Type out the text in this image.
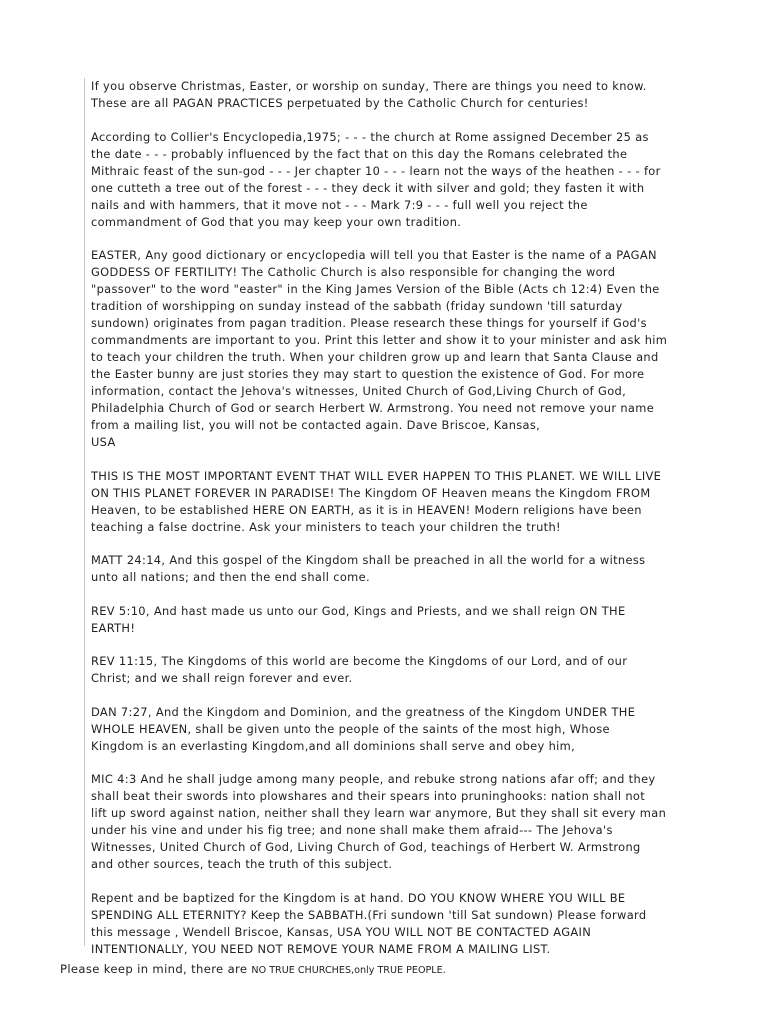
If you observe Christmas, Easter, or worship on sunday, There are things you need to know.
These are all PAGAN PRACTICES perpetuated by the Catholic Church for centuries!

According to Collier's Encyclopedia,1975; - - - the church at Rome assigned December 25 as
the date - - - probably influenced by the fact that on this day the Romans celebrated the
Mithraic feast of the sun-god - - - Jer chapter 10 - - - learn not the ways of the heathen - - - for
one cutteth a tree out of the forest - - - they deck it with silver and gold; they fasten it with
nails and with hammers, that it move not - - - Mark 7:9 - - - full well you reject the
commandment of God that you may keep your own tradition.

EASTER, Any good dictionary or encyclopedia will tell you that Easter is the name of a PAGAN
GODDESS OF FERTILITY! The Catholic Church is also responsible for changing the word
"passover" to the word "easter" in the King James Version of the Bible (Acts ch 12:4) Even the
tradition of worshipping on sunday instead of the sabbath (friday sundown 'till saturday
sundown) originates from pagan tradition. Please research these things for yourself if God's
commandments are important to you. Print this letter and show it to your minister and ask him
to teach your children the truth. When your children grow up and learn that Santa Clause and
the Easter bunny are just stories they may start to question the existence of God. For more
information, contact the Jehova's witnesses, United Church of God,Living Church of God,
Philadelphia Church of God or search Herbert W. Armstrong. You need not remove your name
from a mailing list, you will not be contacted again. Dave Briscoe, Kansas,
USA

THIS IS THE MOST IMPORTANT EVENT THAT WILL EVER HAPPEN TO THIS PLANET. WE WILL LIVE
ON THIS PLANET FOREVER IN PARADISE! The Kingdom OF Heaven means the Kingdom FROM
Heaven, to be established HERE ON EARTH, as it is in HEAVEN! Modern religions have been
teaching a false doctrine. Ask your ministers to teach your children the truth!

MATT 24:14, And this gospel of the Kingdom shall be preached in all the world for a witness
unto all nations; and then the end shall come.

REV 5:10, And hast made us unto our God, Kings and Priests, and we shall reign ON THE
EARTH!

REV 11:15, The Kingdoms of this world are become the Kingdoms of our Lord, and of our
Christ; and we shall reign forever and ever.

DAN 7:27, And the Kingdom and Dominion, and the greatness of the Kingdom UNDER THE
WHOLE HEAVEN, shall be given unto the people of the saints of the most high, Whose
Kingdom is an everlasting Kingdom,and all dominions shall serve and obey him,

MIC 4:3 And he shall judge among many people, and rebuke strong nations afar off; and they
shall beat their swords into plowshares and their spears into pruninghooks: nation shall not
lift up sword against nation, neither shall they learn war anymore, But they shall sit every man
under his vine and under his fig tree; and none shall make them afraid--- The Jehova's
Witnesses, United Church of God, Living Church of God, teachings of Herbert W. Armstrong
and other sources, teach the truth of this subject.

Repent and be baptized for the Kingdom is at hand. DO YOU KNOW WHERE YOU WILL BE
SPENDING ALL ETERNITY? Keep the SABBATH.(Fri sundown 'till Sat sundown) Please forward
this message , Wendell Briscoe, Kansas, USA YOU WILL NOT BE CONTACTED AGAIN
INTENTIONALLY, YOU NEED NOT REMOVE YOUR NAME FROM A MAILING LIST.

Please keep in mind, there are NO TRUE CHURCHES,only TRUE PEOPLE.
